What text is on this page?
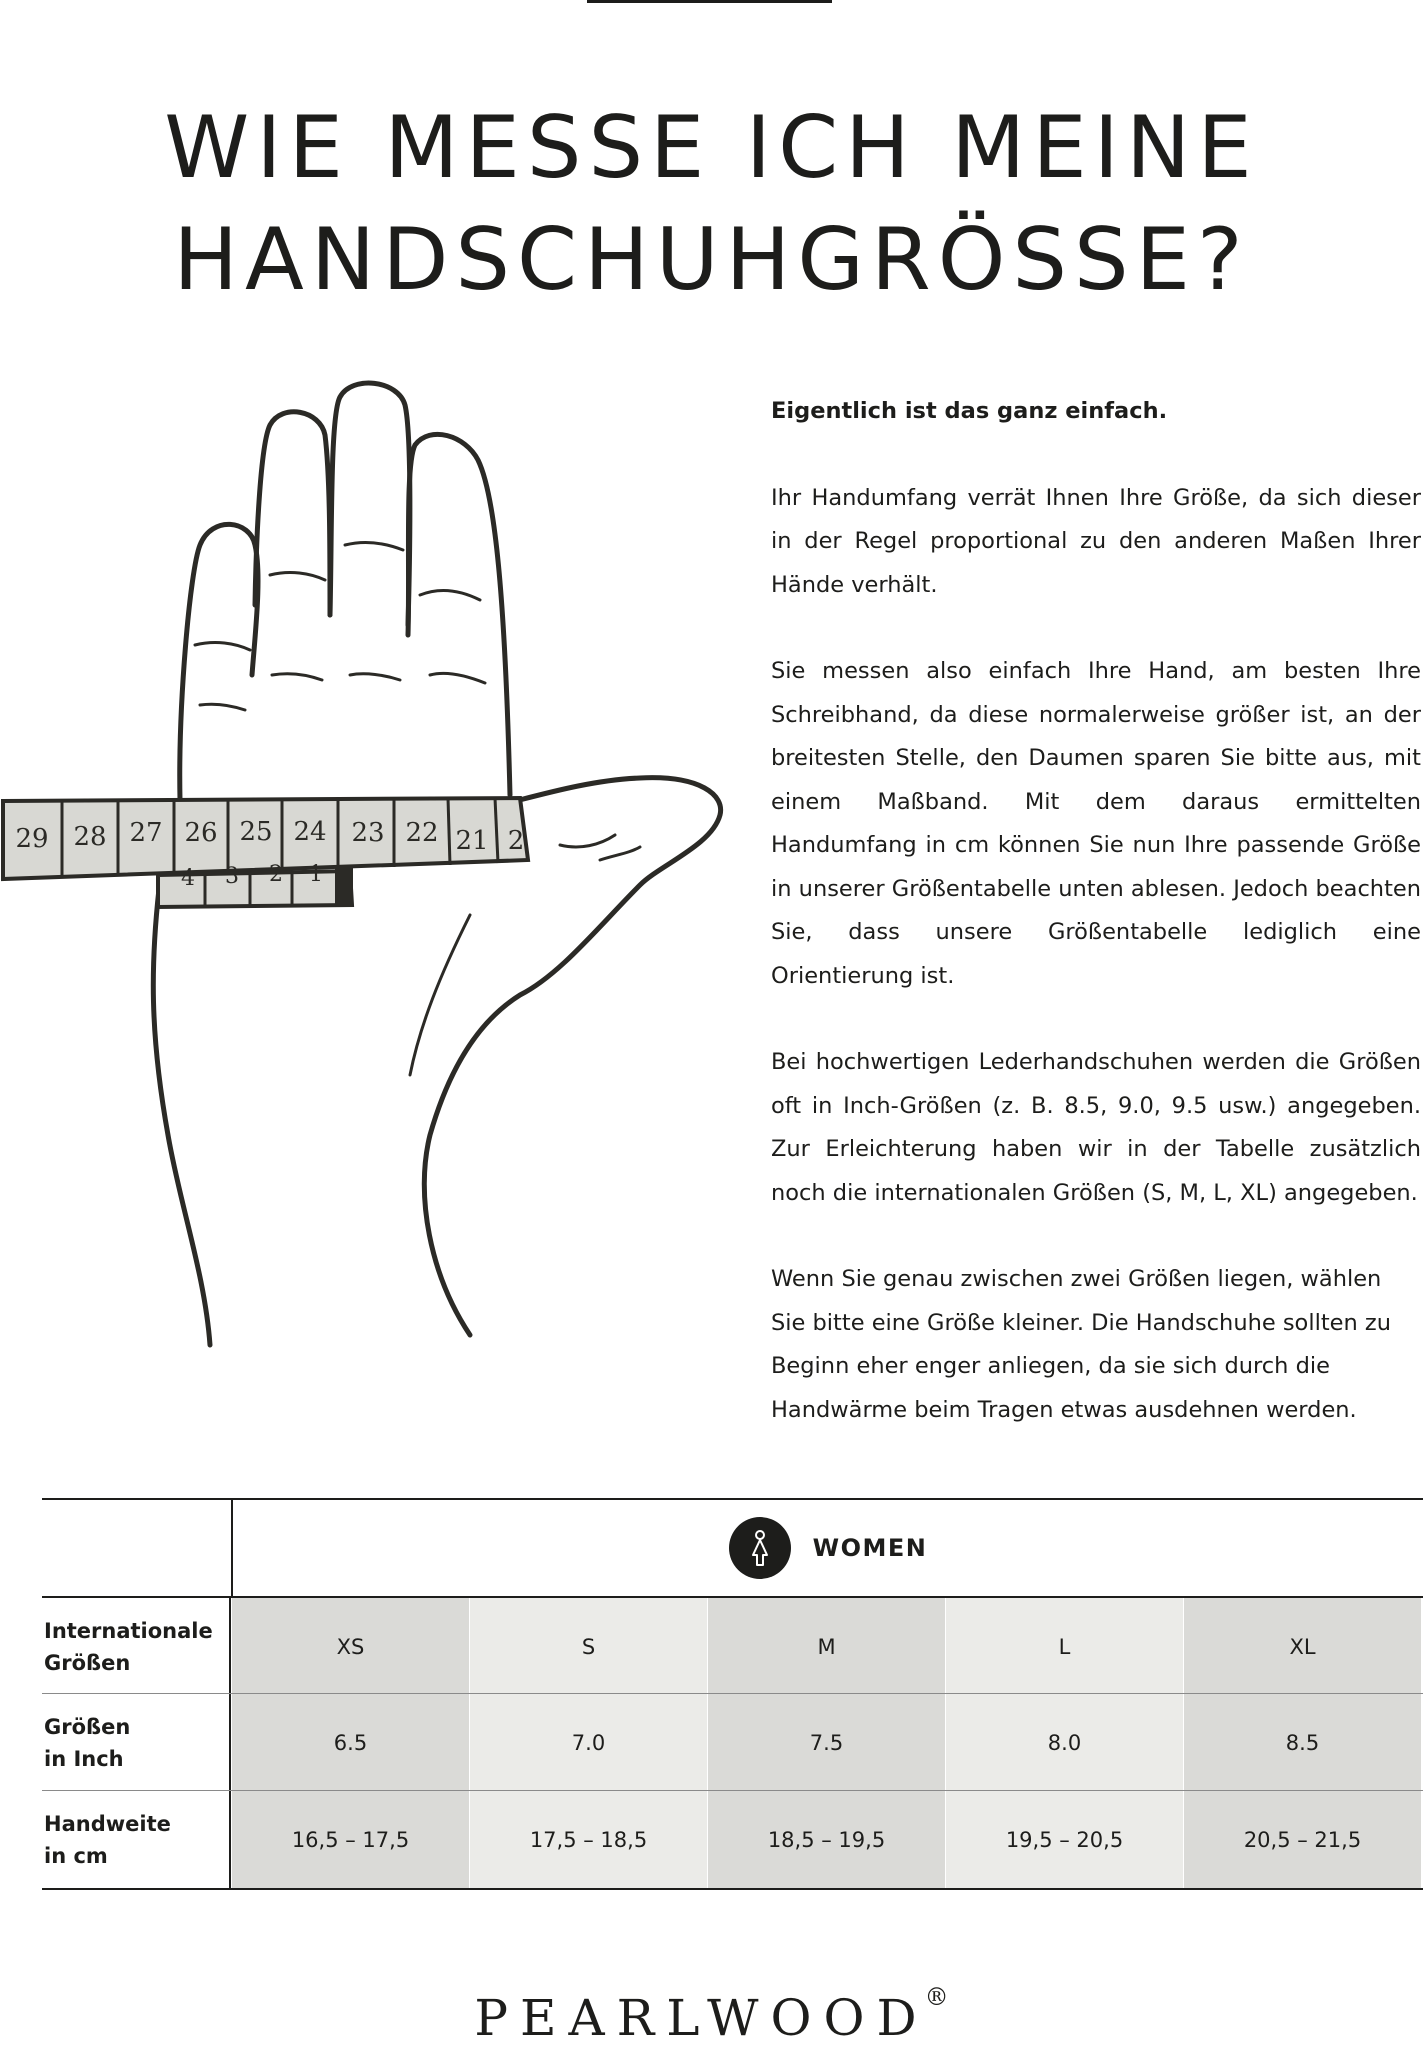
WIE MESSE ICH MEINE
HANDSCHUHGRÖSSE?
29 28 27 26 25 24 23 22 21 2
4 3 2 1

Eigentlich ist das ganz einfach.

Ihr Handumfang verrät Ihnen Ihre Größe, da sich dieser in der Regel proportional zu den anderen Maßen Ihrer Hände verhält.

Sie messen also einfach Ihre Hand, am besten Ihre Schreibhand, da diese normalerweise größer ist, an der breitesten Stelle, den Daumen sparen Sie bitte aus, mit einem Maßband. Mit dem daraus ermittelten Handumfang in cm können Sie nun Ihre passende Größe in unserer Größentabelle unten ablesen. Jedoch beachten Sie, dass unsere Größentabelle lediglich eine Orientierung ist.

Bei hochwertigen Lederhandschuhen werden die Größen oft in Inch-Größen (z. B. 8.5, 9.0, 9.5 usw.) angegeben. Zur Erleichterung haben wir in der Tabelle zusätzlich noch die internationalen Größen (S, M, L, XL) angegeben.

Wenn Sie genau zwischen zwei Größen liegen, wählen Sie bitte eine Größe kleiner. Die Handschuhe sollten zu Beginn eher enger anliegen, da sie sich durch die Handwärme beim Tragen etwas ausdehnen werden.

WOMEN
Internationale
Größen
XS	S	M	L	XL
Größen
in Inch
6.5	7.0	7.5	8.0	8.5
Handweite
in cm
16,5 – 17,5	17,5 – 18,5	18,5 – 19,5	19,5 – 20,5	20,5 – 21,5
PEARLWOOD®
